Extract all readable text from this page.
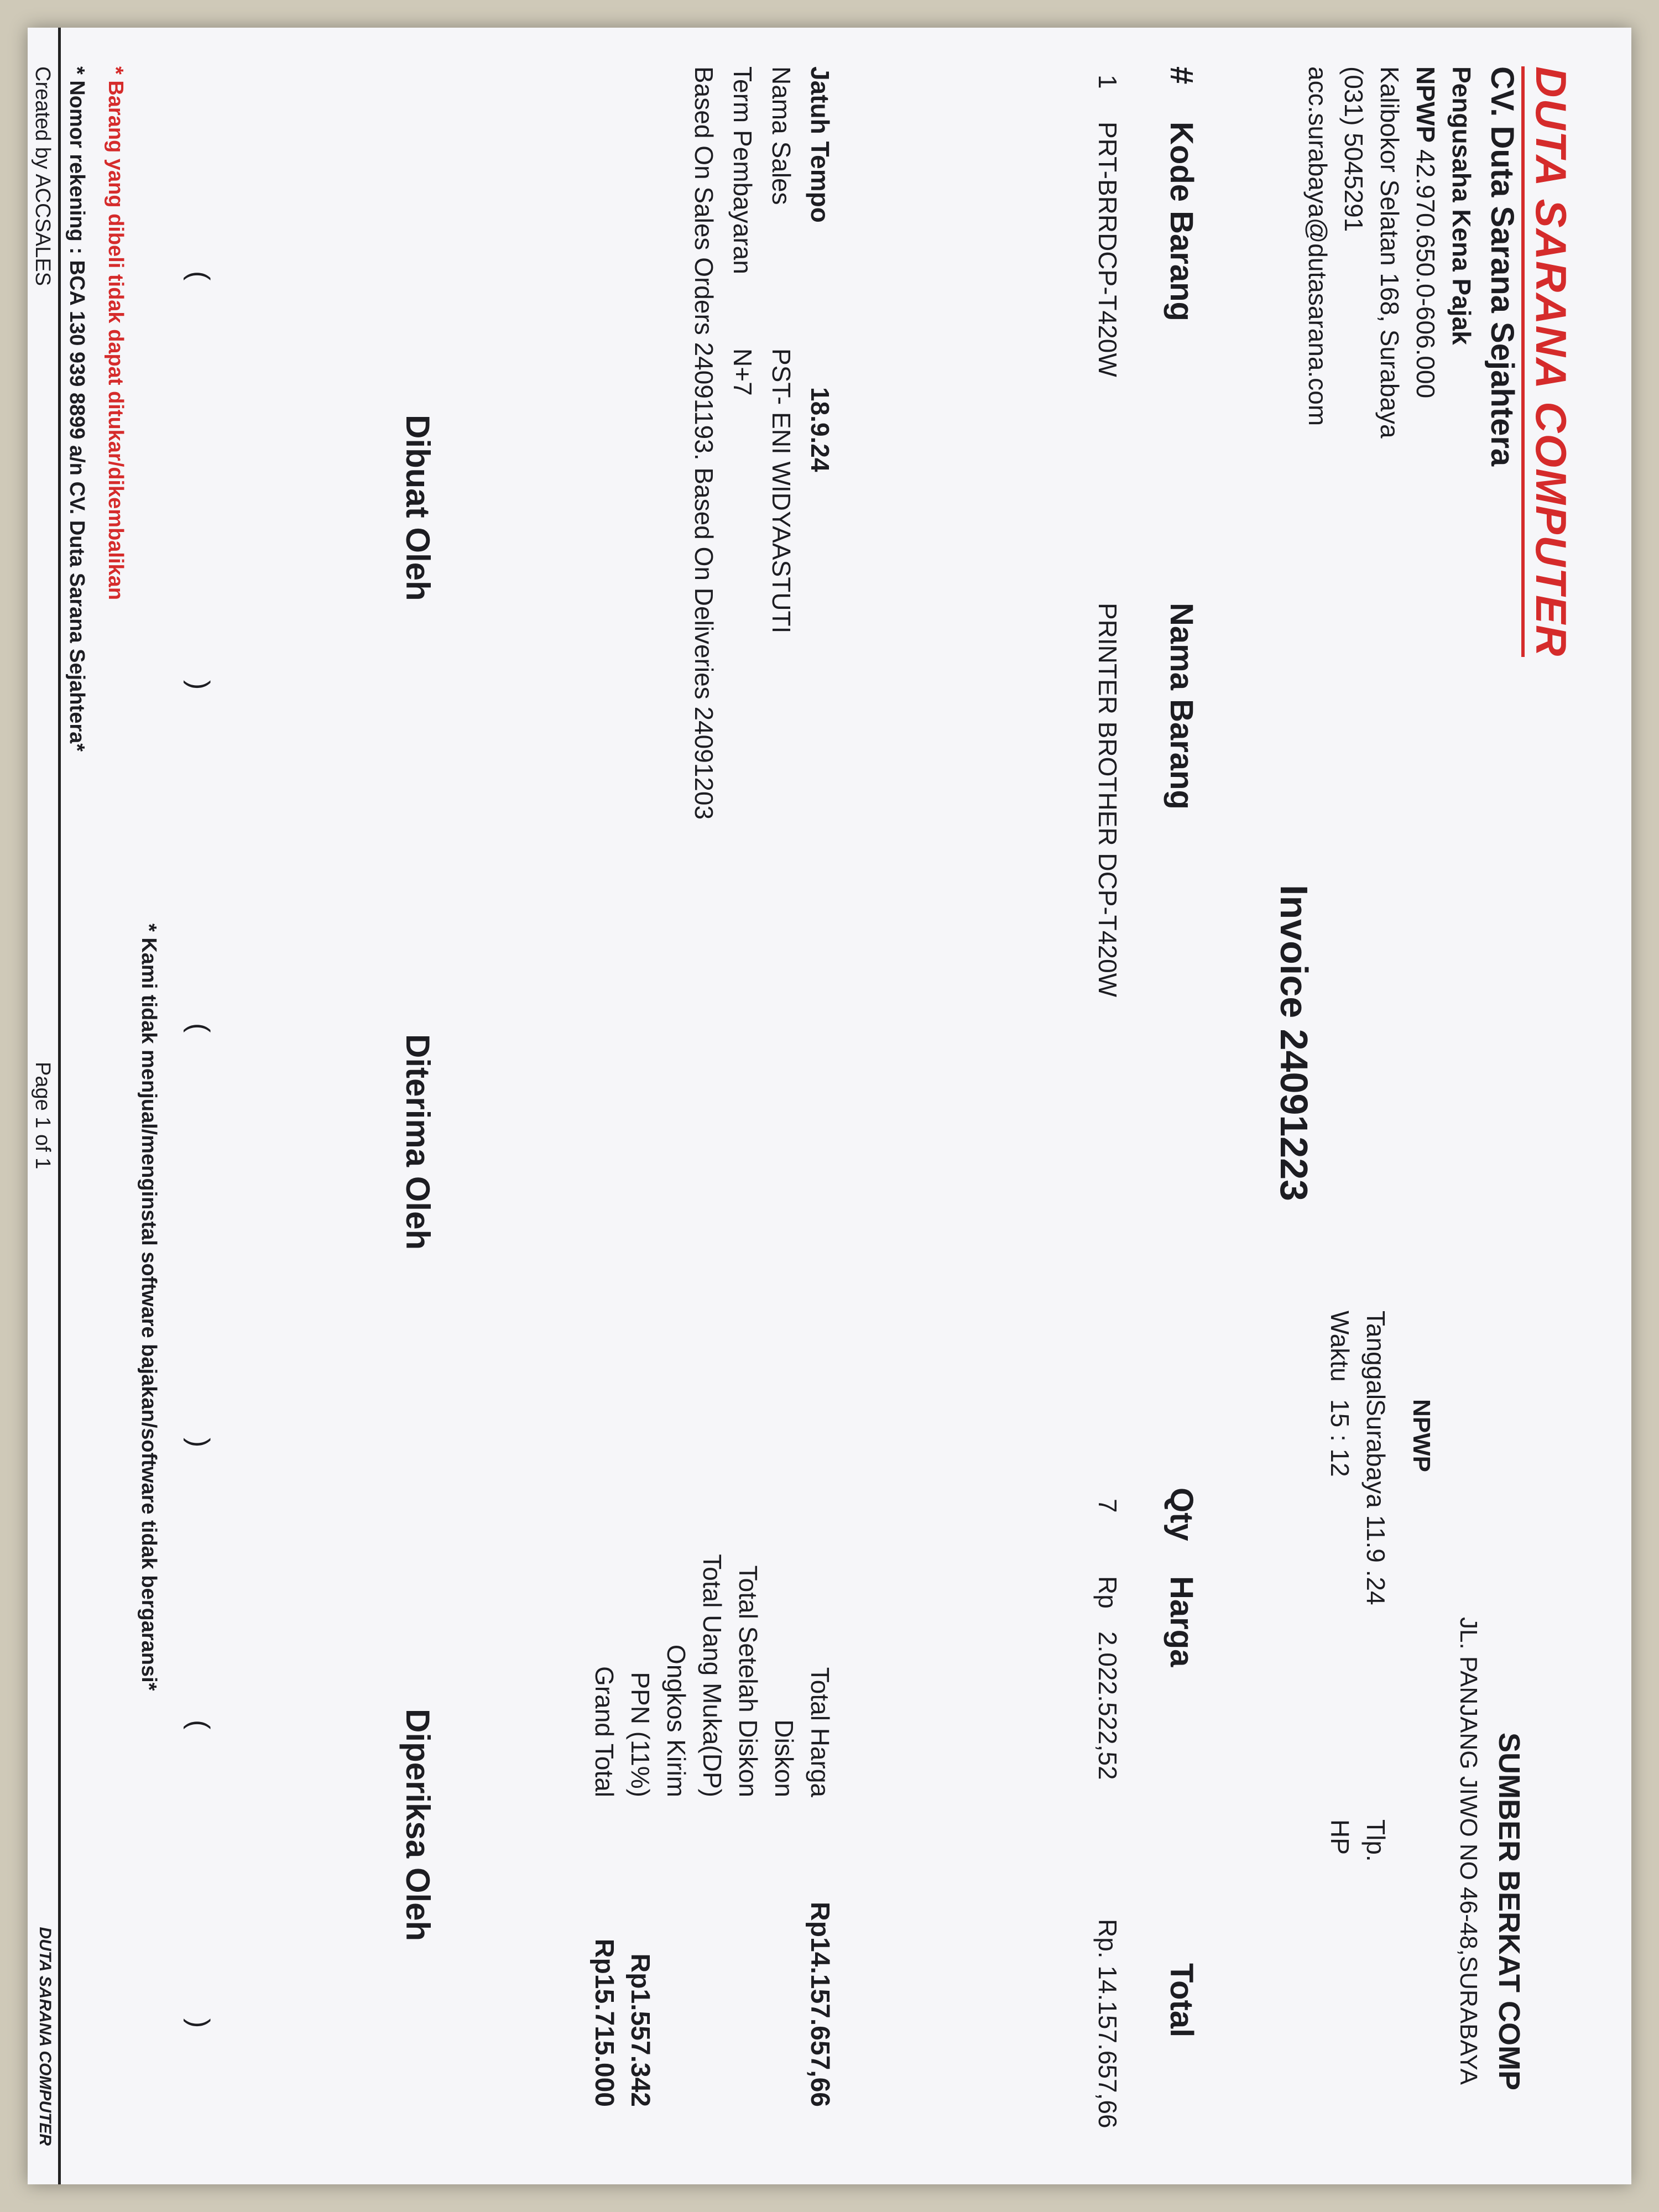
DUTA SARANA COMPUTER
CV. Duta Sarana Sejahtera
Pengusaha Kena Pajak
NPWP
42.970.650.0-606.000
Kalibokor Selatan 168, Surabaya
(031) 5045291
acc.surabaya@dutasarana.com
SUMBER BERKAT COMP
JL. PANJANG JIWO NO 46-48,SURABAYA
NPWP
Tanggal
Surabaya 11.9 .24
Waktu
15 : 12
Tlp.
HP
Invoice 24091223
#
Kode Barang
Nama Barang
Qty
Harga
Total
1
PRT-BRRDCP-T420W
PRINTER BROTHER DCP-T420W
7
Rp
2.022.522,52
Rp. 14.157.657,66
Jatuh Tempo
18.9.24
Nama Sales
PST- ENI WIDYAASTUTI
Term Pembayaran
N+7
Based On Sales Orders 24091193. Based On Deliveries 24091203
Total Harga
Diskon
Total Setelah Diskon
Total Uang Muka(DP)
Ongkos Kirim
PPN (11%)
Grand Total
Rp14.157.657,66
Rp1.557.342
Rp15.715.000
Dibuat Oleh
Diterima Oleh
Diperiksa Oleh
(
)
(
)
(
)
* Kami tidak menjual/menginstal software bajakan/software tidak bergaransi*
* Barang yang dibeli tidak dapat ditukar/dikembalikan
* Nomor rekening : BCA 130 939 8899 a/n CV. Duta Sarana Sejahtera*
Created by ACCSALES
Page 1 of 1
DUTA SARANA COMPUTER
